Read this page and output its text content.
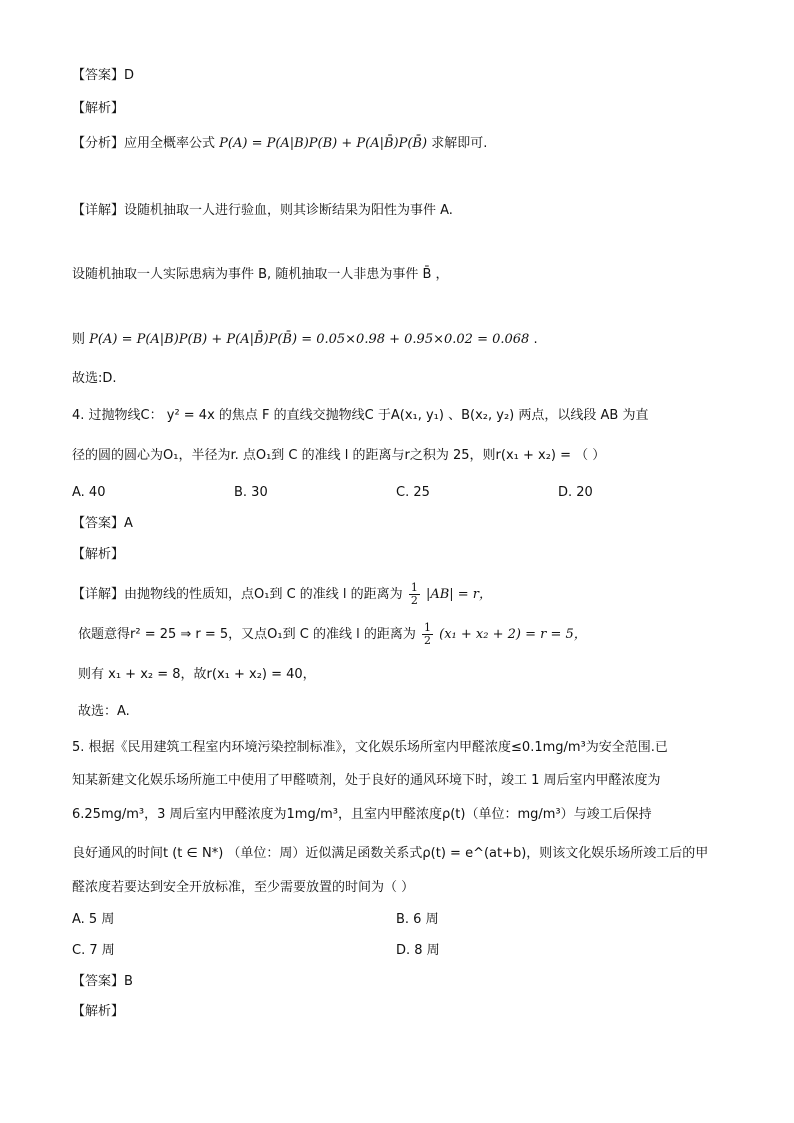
【答案】D
【解析】
【分析】应用全概率公式 P(A) = P(A|B)P(B) + P(A|B̄)P(B̄) 求解即可.
【详解】设随机抽取一人进行验血，则其诊断结果为阳性为事件 A.
设随机抽取一人实际患病为事件 B, 随机抽取一人非患为事件 B̄ ，
则 P(A) = P(A|B)P(B) + P(A|B̄)P(B̄) = 0.05×0.98 + 0.95×0.02 = 0.068 .
故选:D.
4. 过抛物线C： y² = 4x 的焦点 F 的直线交抛物线C 于A(x₁, y₁) 、B(x₂, y₂) 两点，以线段 AB 为直
径的圆的圆心为O₁，半径为r. 点O₁到 C 的准线 l 的距离与r之积为 25，则r(x₁ + x₂) = （ ）
A. 40	B. 30	C. 25	D. 20
【答案】A
【解析】
【详解】由抛物线的性质知，点O₁到 C 的准线 l 的距离为 $\frac{1}{2} |AB| = r$，
依题意得r² = 25 ⇒ r = 5，又点O₁到 C 的准线 l 的距离为 $\frac{1}{2} (x_1 + x_2 + 2) = r = 5$，
则有 x₁ + x₂ = 8，故r(x₁ + x₂) = 40，
故选：A.
5. 根据《民用建筑工程室内环境污染控制标准》，文化娱乐场所室内甲醛浓度≤0.1mg/m³为安全范围.已
知某新建文化娱乐场所施工中使用了甲醛喷剂，处于良好的通风环境下时，竣工 1 周后室内甲醛浓度为
6.25mg/m³，3 周后室内甲醛浓度为1mg/m³，且室内甲醛浓度ρ(t)（单位：mg/m³）与竣工后保持
良好通风的时间t (t ∈ N*) （单位：周）近似满足函数关系式ρ(t) = e^(at+b)，则该文化娱乐场所竣工后的甲
醛浓度若要达到安全开放标准，至少需要放置的时间为（ ）
A. 5 周	B. 6 周
C. 7 周	D. 8 周
【答案】B
【解析】
